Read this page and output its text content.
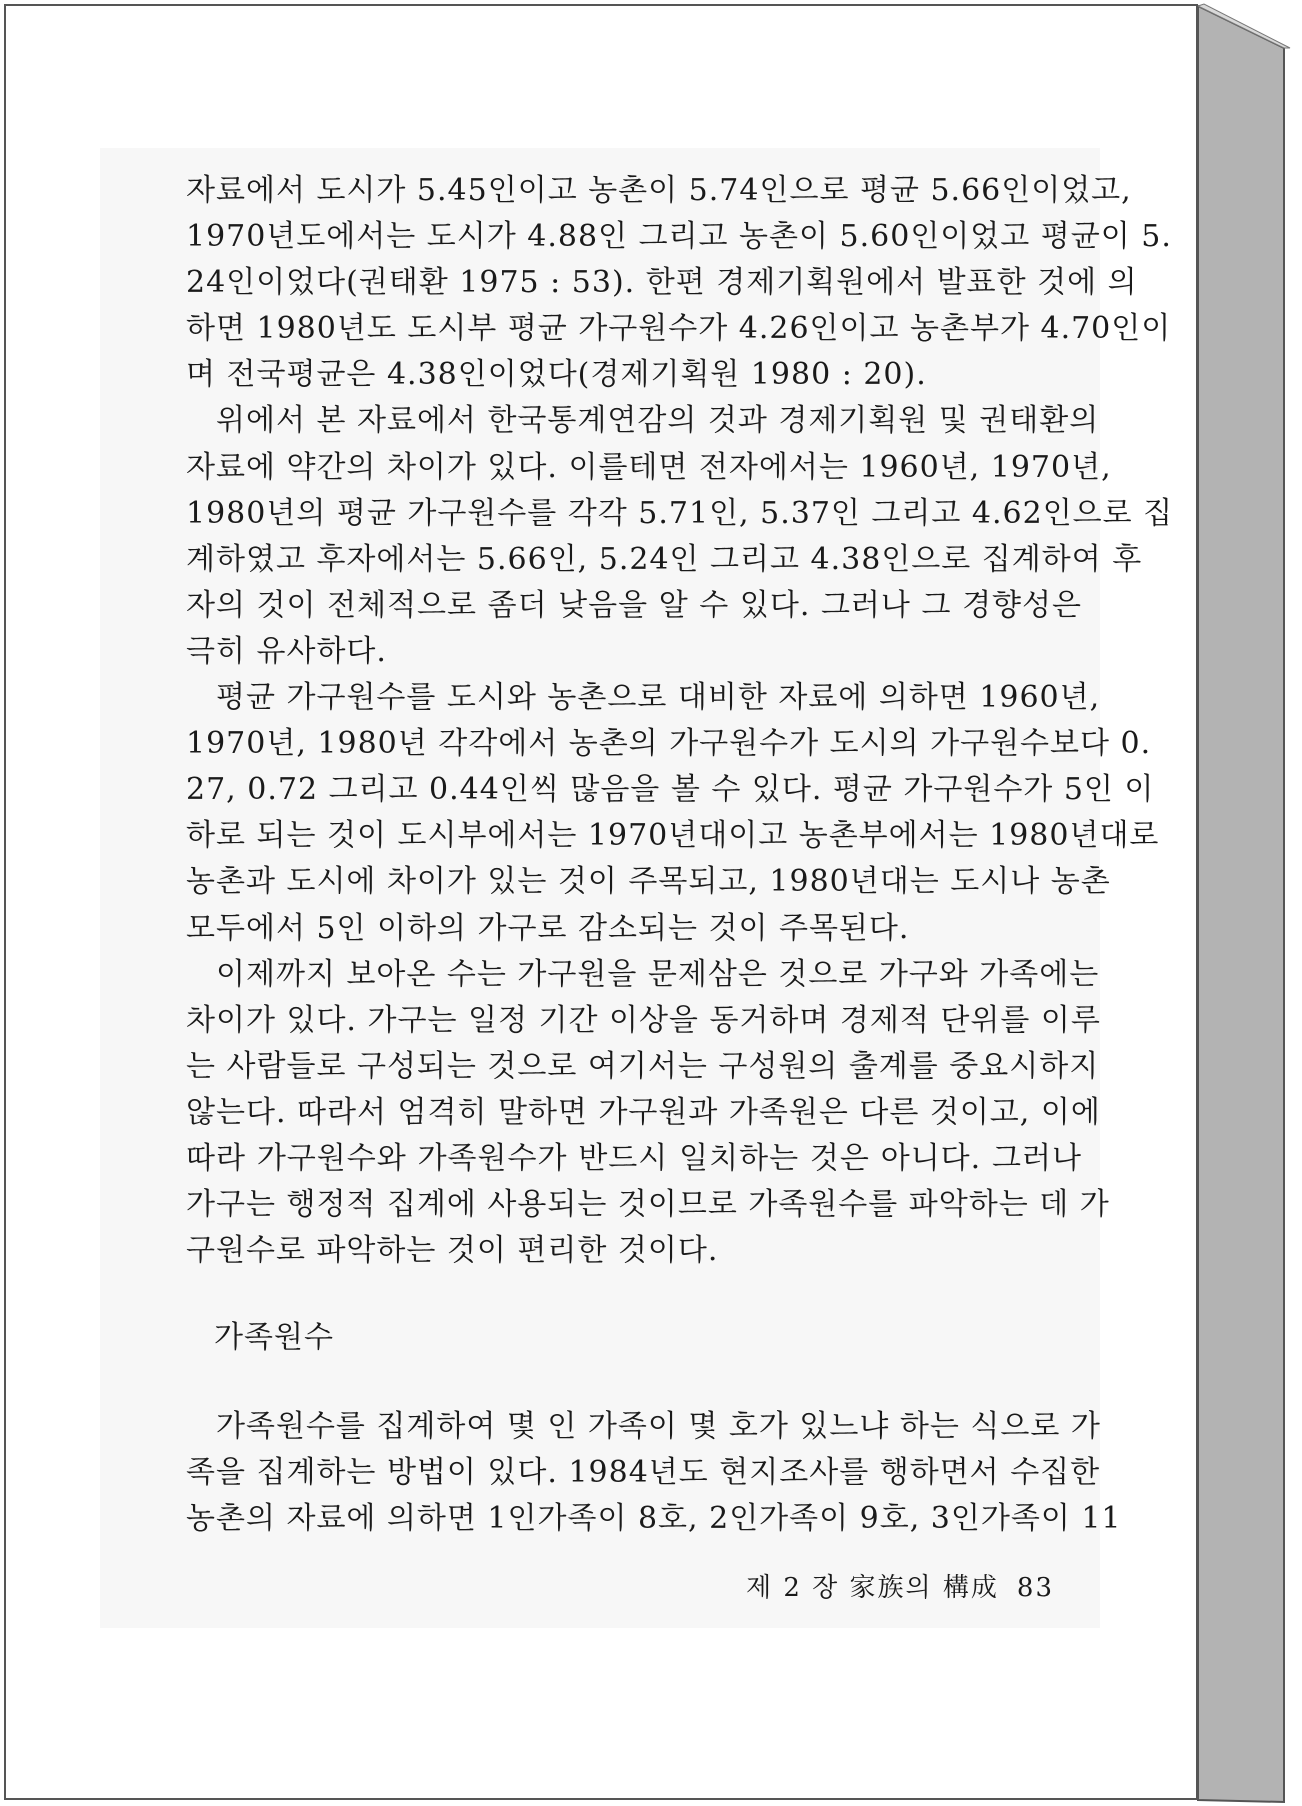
자료에서 도시가 5.45인이고 농촌이 5.74인으로 평균 5.66인이었고,
1970년도에서는 도시가 4.88인 그리고 농촌이 5.60인이었고 평균이 5.
24인이었다(권태환 1975 : 53). 한편 경제기획원에서 발표한 것에 의
하면 1980년도 도시부 평균 가구원수가 4.26인이고 농촌부가 4.70인이
며 전국평균은 4.38인이었다(경제기획원 1980 : 20).
위에서 본 자료에서 한국통계연감의 것과 경제기획원 및 권태환의
자료에 약간의 차이가 있다. 이를테면 전자에서는 1960년, 1970년,
1980년의 평균 가구원수를 각각 5.71인, 5.37인 그리고 4.62인으로 집
계하였고 후자에서는 5.66인, 5.24인 그리고 4.38인으로 집계하여 후
자의 것이 전체적으로 좀더 낮음을 알 수 있다. 그러나 그 경향성은
극히 유사하다.
평균 가구원수를 도시와 농촌으로 대비한 자료에 의하면 1960년,
1970년, 1980년 각각에서 농촌의 가구원수가 도시의 가구원수보다 0.
27, 0.72 그리고 0.44인씩 많음을 볼 수 있다. 평균 가구원수가 5인 이
하로 되는 것이 도시부에서는 1970년대이고 농촌부에서는 1980년대로
농촌과 도시에 차이가 있는 것이 주목되고, 1980년대는 도시나 농촌
모두에서 5인 이하의 가구로 감소되는 것이 주목된다.
이제까지 보아온 수는 가구원을 문제삼은 것으로 가구와 가족에는
차이가 있다. 가구는 일정 기간 이상을 동거하며 경제적 단위를 이루
는 사람들로 구성되는 것으로 여기서는 구성원의 출계를 중요시하지
않는다. 따라서 엄격히 말하면 가구원과 가족원은 다른 것이고, 이에
따라 가구원수와 가족원수가 반드시 일치하는 것은 아니다. 그러나
가구는 행정적 집계에 사용되는 것이므로 가족원수를 파악하는 데 가
구원수로 파악하는 것이 편리한 것이다.
가족원수
가족원수를 집계하여 몇 인 가족이 몇 호가 있느냐 하는 식으로 가
족을 집계하는 방법이 있다. 1984년도 현지조사를 행하면서 수집한
농촌의 자료에 의하면 1인가족이 8호, 2인가족이 9호, 3인가족이 11
제 2 장 家族의 構成 83
